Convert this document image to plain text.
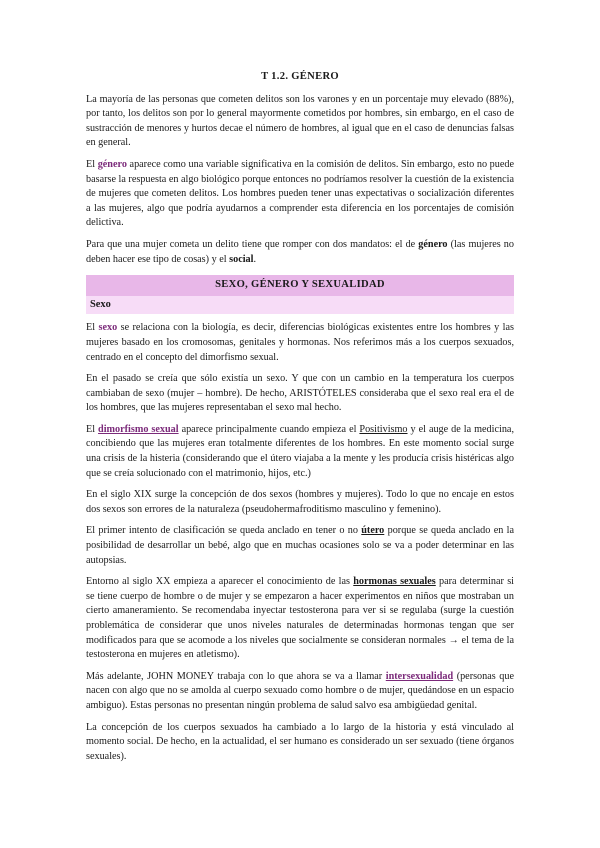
T 1.2. GÉNERO

La mayoría de las personas que cometen delitos son los varones y en un porcentaje muy elevado (88%), por tanto, los delitos son por lo general mayormente cometidos por hombres, sin embargo, en el caso de sustracción de menores y hurtos decae el número de hombres, al igual que en el caso de denuncias falsas en general.

El género aparece como una variable significativa en la comisión de delitos. Sin embargo, esto no puede basarse la respuesta en algo biológico porque entonces no podríamos resolver la cuestión de la existencia de mujeres que cometen delitos. Los hombres pueden tener unas expectativas o socialización diferentes a las mujeres, algo que podría ayudarnos a comprender esta diferencia en los porcentajes de comisión delictiva.

Para que una mujer cometa un delito tiene que romper con dos mandatos: el de género (las mujeres no deben hacer ese tipo de cosas) y el social.

SEXO, GÉNERO Y SEXUALIDAD
Sexo

El sexo se relaciona con la biología, es decir, diferencias biológicas existentes entre los hombres y las mujeres basado en los cromosomas, genitales y hormonas. Nos referimos más a los cuerpos sexuados, centrado en el concepto del dimorfismo sexual.

En el pasado se creía que sólo existía un sexo. Y que con un cambio en la temperatura los cuerpos cambiaban de sexo (mujer – hombre). De hecho, ARISTÓTELES consideraba que el sexo real era el de los hombres, que las mujeres representaban el sexo mal hecho.

El dimorfismo sexual aparece principalmente cuando empieza el Positivismo y el auge de la medicina, concibiendo que las mujeres eran totalmente diferentes de los hombres. En este momento social surge una crisis de la histeria (considerando que el útero viajaba a la mente y les producía crisis histéricas algo que se creía solucionado con el matrimonio, hijos, etc.)

En el siglo XIX surge la concepción de dos sexos (hombres y mujeres). Todo lo que no encaje en estos dos sexos son errores de la naturaleza (pseudohermafroditismo masculino y femenino).

El primer intento de clasificación se queda anclado en tener o no útero porque se queda anclado en la posibilidad de desarrollar un bebé, algo que en muchas ocasiones solo se va a poder determinar en las autopsias.

Entorno al siglo XX empieza a aparecer el conocimiento de las hormonas sexuales para determinar si se tiene cuerpo de hombre o de mujer y se empezaron a hacer experimentos en niños que mostraban un cierto amaneramiento. Se recomendaba inyectar testosterona para ver si se regulaba (surge la cuestión problemática de considerar que unos niveles naturales de determinadas hormonas tengan que ser modificados para que se acomode a los niveles que socialmente se consideran normales → el tema de la testosterona en mujeres en atletismo).

Más adelante, JOHN MONEY trabaja con lo que ahora se va a llamar intersexualidad (personas que nacen con algo que no se amolda al cuerpo sexuado como hombre o de mujer, quedándose en un espacio ambiguo). Estas personas no presentan ningún problema de salud salvo esa ambigüedad genital.

La concepción de los cuerpos sexuados ha cambiado a lo largo de la historia y está vinculado al momento social. De hecho, en la actualidad, el ser humano es considerado un ser sexuado (tiene órganos sexuales).
